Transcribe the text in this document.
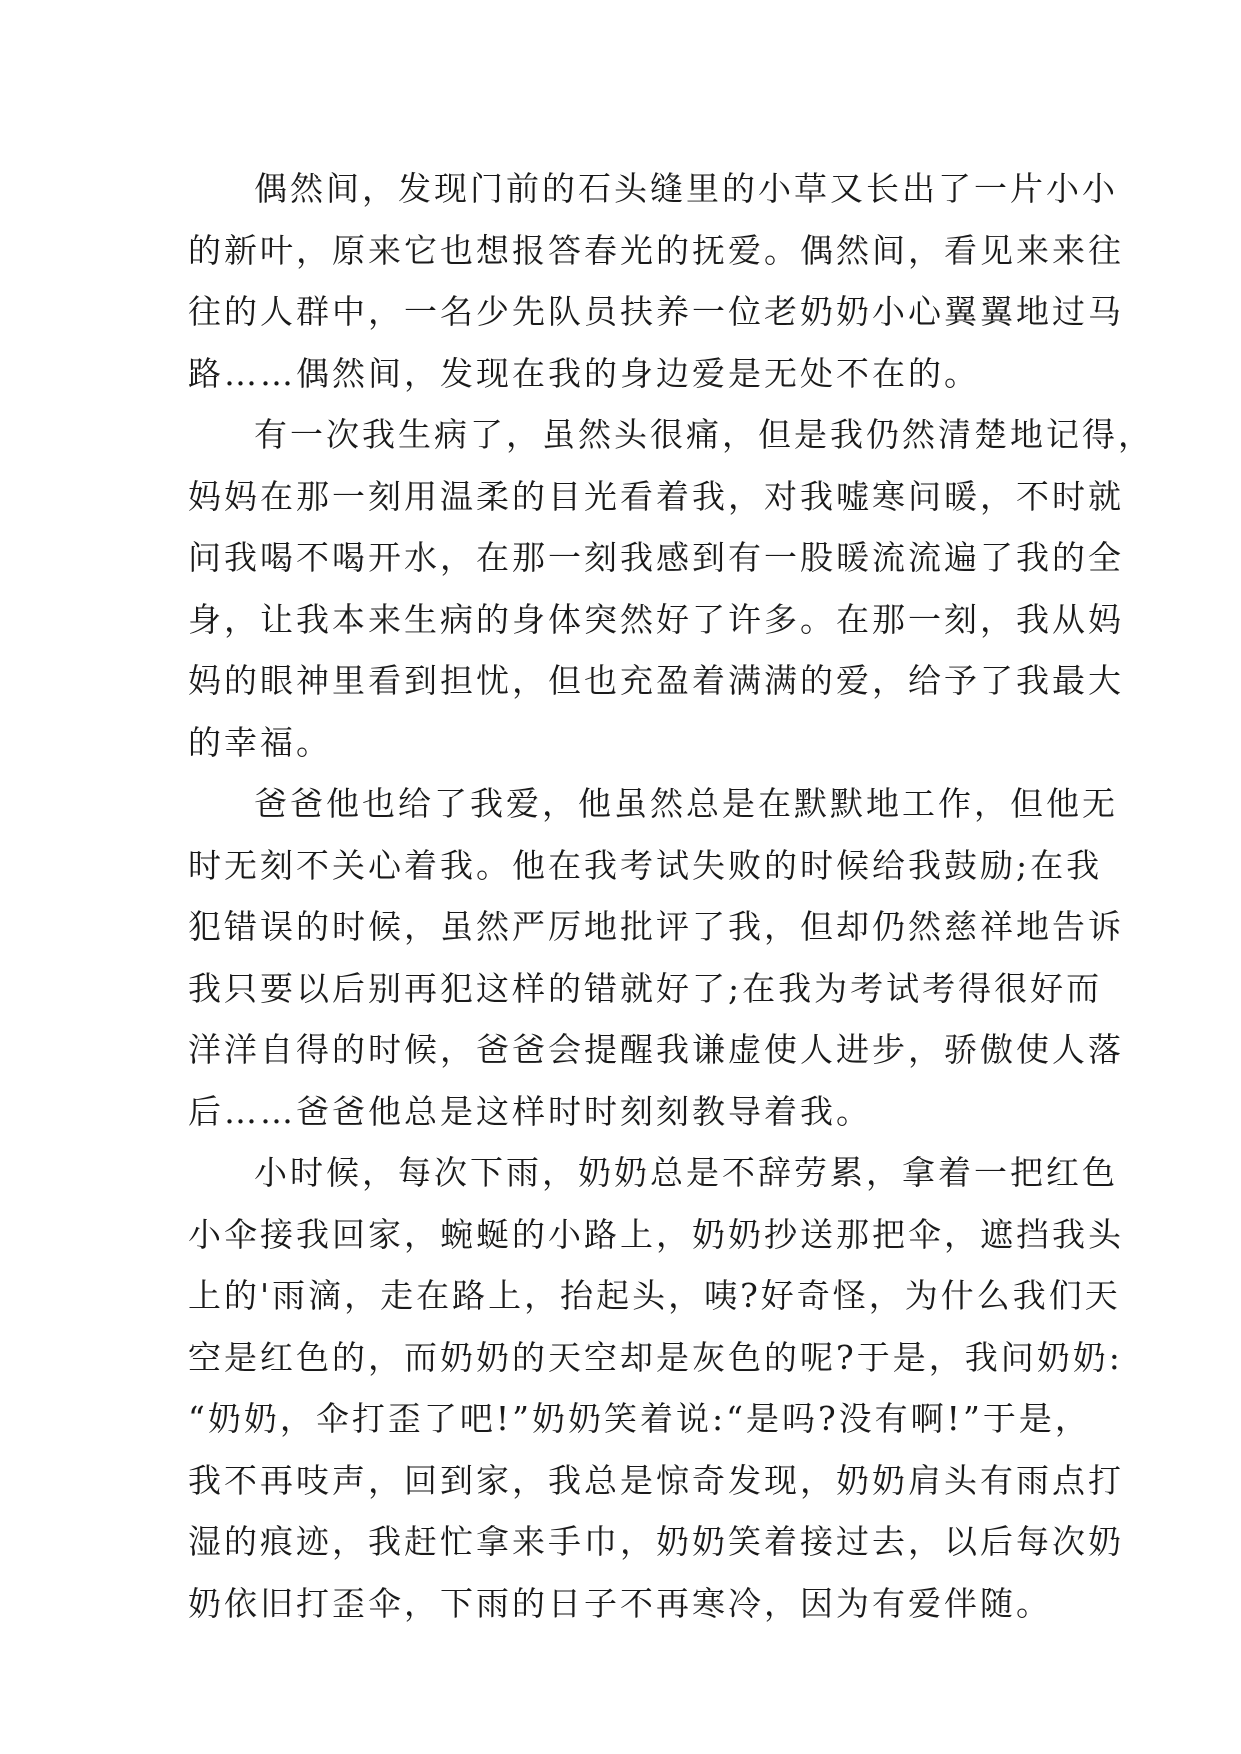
偶然间，发现门前的石头缝里的小草又长出了一片小小
的新叶，原来它也想报答春光的抚爱。偶然间，看见来来往
往的人群中，一名少先队员扶养一位老奶奶小心翼翼地过马
路……偶然间，发现在我的身边爱是无处不在的。

有一次我生病了，虽然头很痛，但是我仍然清楚地记得，
妈妈在那一刻用温柔的目光看着我，对我嘘寒问暖，不时就
问我喝不喝开水，在那一刻我感到有一股暖流流遍了我的全
身，让我本来生病的身体突然好了许多。在那一刻，我从妈
妈的眼神里看到担忧，但也充盈着满满的爱，给予了我最大
的幸福。

爸爸他也给了我爱，他虽然总是在默默地工作，但他无
时无刻不关心着我。他在我考试失败的时候给我鼓励;在我
犯错误的时候，虽然严厉地批评了我，但却仍然慈祥地告诉
我只要以后别再犯这样的错就好了;在我为考试考得很好而
洋洋自得的时候，爸爸会提醒我谦虚使人进步，骄傲使人落
后……爸爸他总是这样时时刻刻教导着我。

小时候，每次下雨，奶奶总是不辞劳累，拿着一把红色
小伞接我回家，蜿蜒的小路上，奶奶抄送那把伞，遮挡我头
上的'雨滴，走在路上，抬起头，咦?好奇怪，为什么我们天
空是红色的，而奶奶的天空却是灰色的呢?于是，我问奶奶:
“奶奶，伞打歪了吧!”奶奶笑着说:“是吗?没有啊!”于是，
我不再吱声，回到家，我总是惊奇发现，奶奶肩头有雨点打
湿的痕迹，我赶忙拿来手巾，奶奶笑着接过去，以后每次奶
奶依旧打歪伞，下雨的日子不再寒冷，因为有爱伴随。
